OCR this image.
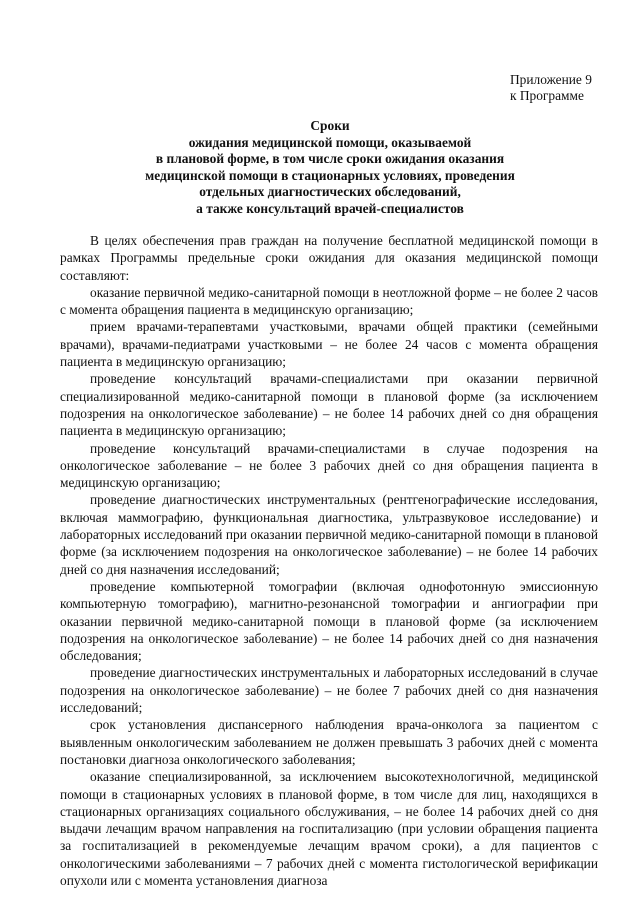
Приложение 9
к Программе
Сроки
ожидания медицинской помощи, оказываемой
в плановой форме, в том числе сроки ожидания оказания
медицинской помощи в стационарных условиях, проведения
отдельных диагностических обследований,
а также консультаций врачей-специалистов

В целях обеспечения прав граждан на получение бесплатной медицинской помощи в рамках Программы предельные сроки ожидания для оказания медицинской помощи составляют:

оказание первичной медико-санитарной помощи в неотложной форме – не более 2 часов с момента обращения пациента в медицинскую организацию;

прием врачами-терапевтами участковыми, врачами общей практики (семейными врачами), врачами-педиатрами участковыми – не более 24 часов с момента обращения пациента в медицинскую организацию;

проведение консультаций врачами-специалистами при оказании первичной специализированной медико-санитарной помощи в плановой форме (за исключением подозрения на онкологическое заболевание) – не более 14 рабочих дней со дня обращения пациента в медицинскую организацию;

проведение консультаций врачами-специалистами в случае подозрения на онкологическое заболевание – не более 3 рабочих дней со дня обращения пациента в медицинскую организацию;

проведение диагностических инструментальных (рентгенографические исследования, включая маммографию, функциональная диагностика, ультразвуковое исследование) и лабораторных исследований при оказании первичной медико-санитарной помощи в плановой форме (за исключением подозрения на онкологическое заболевание) – не более 14 рабочих дней со дня назначения исследований;

проведение компьютерной томографии (включая однофотонную эмиссионную компьютерную томографию), магнитно-резонансной томографии и ангиографии при оказании первичной медико-санитарной помощи в плановой форме (за исключением подозрения на онкологическое заболевание) – не более 14 рабочих дней со дня назначения обследования;

проведение диагностических инструментальных и лабораторных исследований в случае подозрения на онкологическое заболевание) – не более 7 рабочих дней со дня назначения исследований;

срок установления диспансерного наблюдения врача-онколога за пациентом с выявленным онкологическим заболеванием не должен превышать 3 рабочих дней с момента постановки диагноза онкологического заболевания;

оказание специализированной, за исключением высокотехнологичной, медицинской помощи в стационарных условиях в плановой форме, в том числе для лиц, находящихся в стационарных организациях социального обслуживания, – не более 14 рабочих дней со дня выдачи лечащим врачом направления на госпитализацию (при условии обращения пациента за госпитализацией в рекомендуемые лечащим врачом сроки), а для пациентов с онкологическими заболеваниями – 7 рабочих дней с момента гистологической верификации опухоли или с момента установления диагноза
